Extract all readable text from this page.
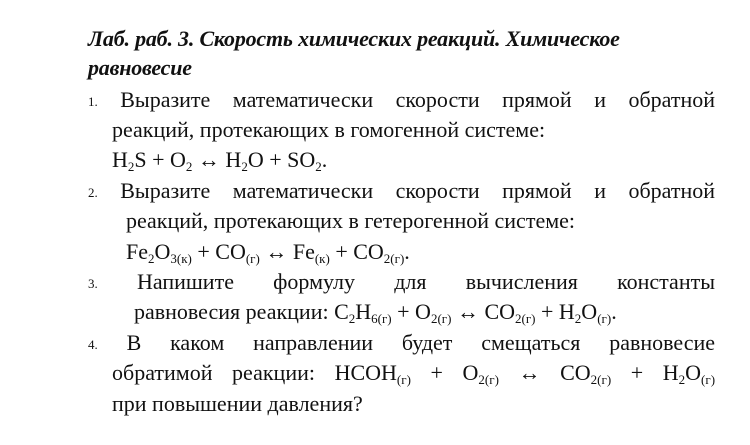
Лаб. раб. 3. Скорость химических реакций. Химическое равновесие
1. Выразите математически скорости прямой и обратной
реакций, протекающих в гомогенной системе:
$H_2S + O_2$ ↔ $H_2O + SO_2$.
2. Выразите математически скорости прямой и обратной
реакций, протекающих в гетерогенной системе:
$Fe_2O_{3(к)} + CO_{(г)}$ ↔ $Fe_{(к)} + CO_{2(г)}$.
3. Напишите формулу для вычисления константы
равновесия реакции: $C_2H_{6(г)} + O_{2(г)}$ ↔ $CO_{2(г)} + H_2O_{(г)}$.
4. В каком направлении будет смещаться равновесие
обратимой реакции: $HCOH_{(г)} + O_{2(г)}$ ↔ $CO_{2(г)} + H_2O_{(г)}$
при повышении давления?
